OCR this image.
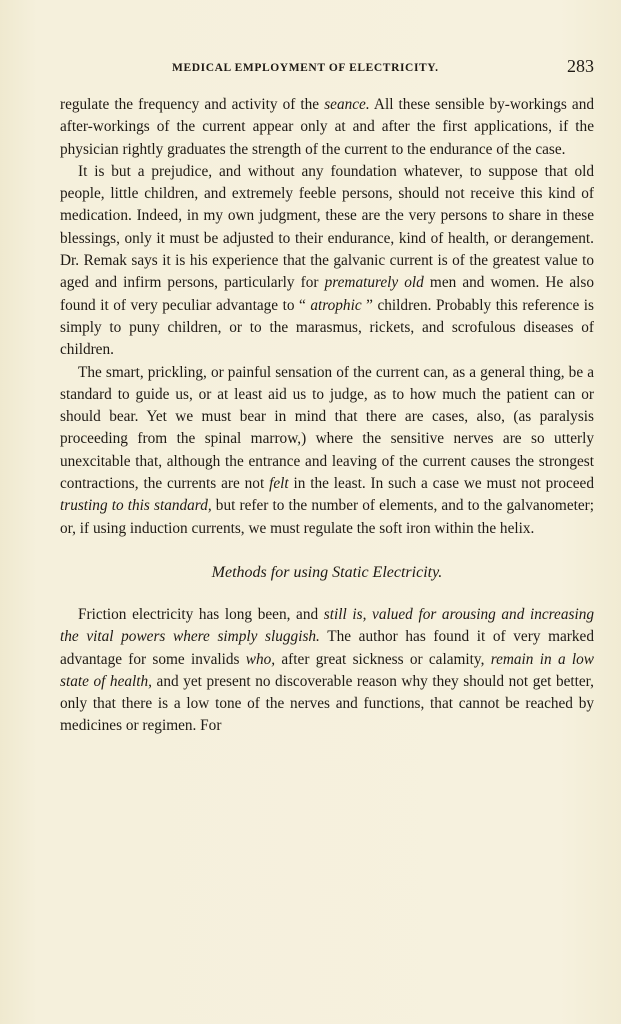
MEDICAL EMPLOYMENT OF ELECTRICITY.	283

regulate the frequency and activity of the seance. All these sensible by-workings and after-workings of the current appear only at and after the first applications, if the physician rightly graduates the strength of the current to the endurance of the case.

It is but a prejudice, and without any foundation whatever, to suppose that old people, little children, and extremely feeble persons, should not receive this kind of medication. Indeed, in my own judgment, these are the very persons to share in these blessings, only it must be adjusted to their endurance, kind of health, or derangement. Dr. Remak says it is his experience that the galvanic current is of the greatest value to aged and infirm persons, particularly for prematurely old men and women. He also found it of very peculiar advantage to “ atrophic ” children. Probably this reference is simply to puny children, or to the marasmus, rickets, and scrofulous diseases of children.

The smart, prickling, or painful sensation of the current can, as a general thing, be a standard to guide us, or at least aid us to judge, as to how much the patient can or should bear. Yet we must bear in mind that there are cases, also, (as paralysis proceeding from the spinal marrow,) where the sensitive nerves are so utterly unexcitable that, although the entrance and leaving of the current causes the strongest contractions, the currents are not felt in the least. In such a case we must not proceed trusting to this standard, but refer to the number of elements, and to the galvanometer; or, if using induction currents, we must regulate the soft iron within the helix.

Methods for using Static Electricity.

Friction electricity has long been, and still is, valued for arousing and increasing the vital powers where simply sluggish. The author has found it of very marked advantage for some invalids who, after great sickness or calamity, remain in a low state of health, and yet present no discoverable reason why they should not get better, only that there is a low tone of the nerves and functions, that cannot be reached by medicines or regimen. For
